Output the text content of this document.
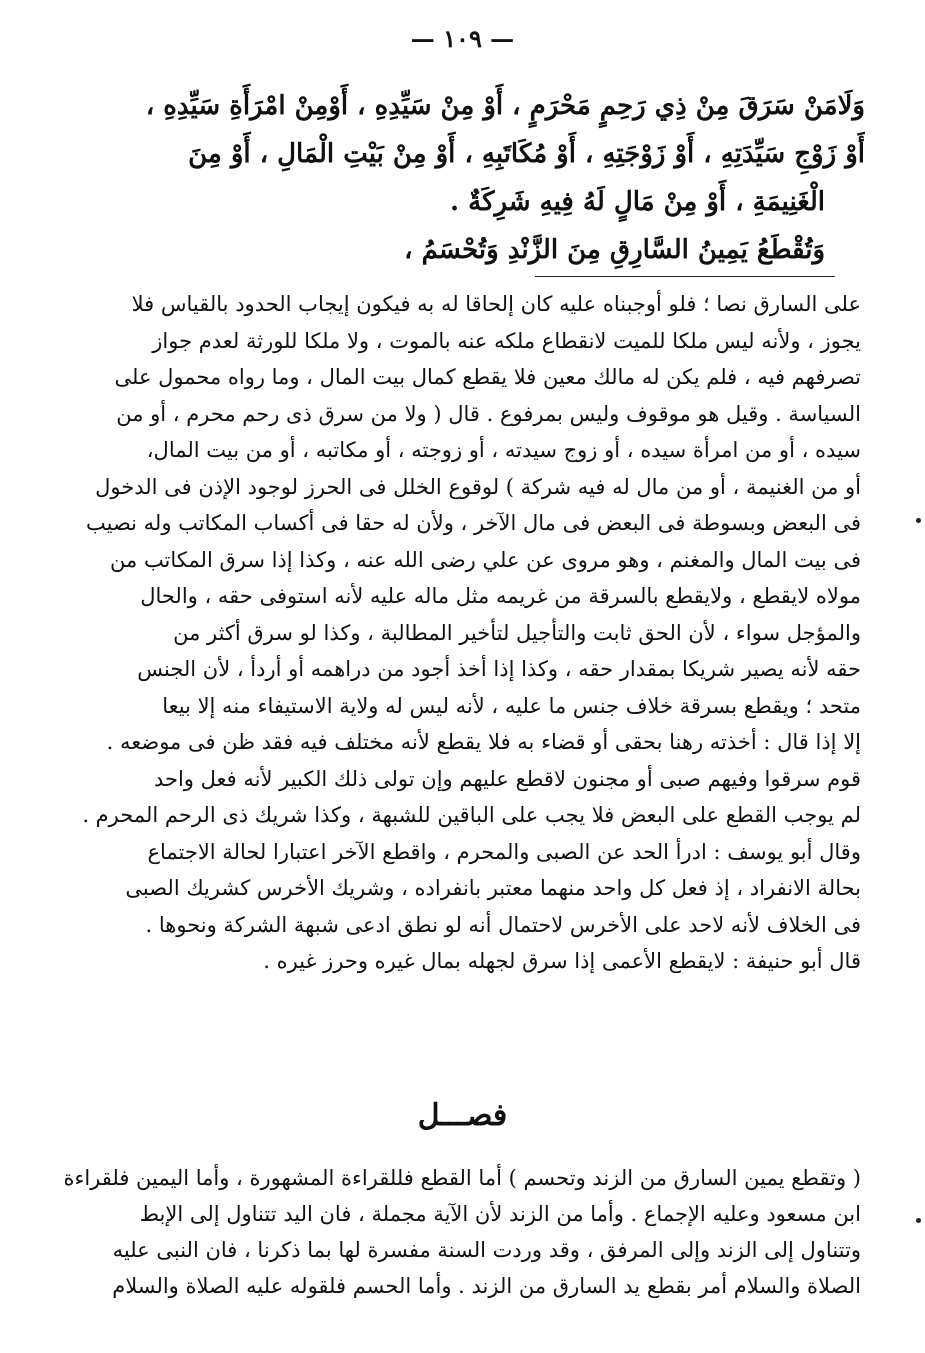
— ١٠٩ —
وَلَامَنْ سَرَقَ مِنْ ذِي رَحِمٍ مَحْرَمٍ ، أَوْ مِنْ سَيِّدِهِ ، أَوْمِنْ امْرَأَةِ سَيِّدِهِ ،
أَوْ زَوْجِ سَيِّدَتِهِ ، أَوْ زَوْجَتِهِ ، أَوْ مُكَاتَبِهِ ، أَوْ مِنْ بَيْتِ الْمَالِ ، أَوْ مِنَ
الْغَنِيمَةِ ، أَوْ مِنْ مَالٍ لَهُ فِيهِ شَرِكَةٌ .
وَتُقْطَعُ يَمِينُ السَّارِقِ مِنَ الزَّنْدِ وَتُحْسَمُ ،
على السارق نصا ؛ فلو أوجبناه عليه كان إلحاقا له به فيكون إيجاب الحدود بالقياس فلا
يجوز ، ولأنه ليس ملكا للميت لانقطاع ملكه عنه بالموت ، ولا ملكا للورثة لعدم جواز
تصرفهم فيه ، فلم يكن له مالك معين فلا يقطع كمال بيت المال ، وما رواه محمول على
السياسة . وقيل هو موقوف وليس بمرفوع . قال ( ولا من سرق ذى رحم محرم ، أو من
سيده ، أو من امرأة سيده ، أو زوج سيدته ، أو زوجته ، أو مكاتبه ، أو من بيت المال،
أو من الغنيمة ، أو من مال له فيه شركة ) لوقوع الخلل فى الحرز لوجود الإذن فى الدخول
فى البعض وبسوطة فى البعض فى مال الآخر ، ولأن له حقا فى أكساب المكاتب وله نصيب
فى بيت المال والمغنم ، وهو مروى عن علي رضى الله عنه ، وكذا إذا سرق المكاتب من
مولاه لايقطع ، ولايقطع بالسرقة من غريمه مثل ماله عليه لأنه استوفى حقه ، والحال
والمؤجل سواء ، لأن الحق ثابت والتأجيل لتأخير المطالبة ، وكذا لو سرق أكثر من
حقه لأنه يصير شريكا بمقدار حقه ، وكذا إذا أخذ أجود من دراهمه أو أردأ ، لأن الجنس
متحد ؛ ويقطع بسرقة خلاف جنس ما عليه ، لأنه ليس له ولاية الاستيفاء منه إلا بيعا
إلا إذا قال : أخذته رهنا بحقى أو قضاء به فلا يقطع لأنه مختلف فيه فقد ظن فى موضعه .
قوم سرقوا وفيهم صبى أو مجنون لاقطع عليهم وإن تولى ذلك الكبير لأنه فعل واحد
لم يوجب القطع على البعض فلا يجب على الباقين للشبهة ، وكذا شريك ذى الرحم المحرم .
وقال أبو يوسف : ادرأ الحد عن الصبى والمحرم ، واقطع الآخر اعتبارا لحالة الاجتماع
بحالة الانفراد ، إذ فعل كل واحد منهما معتبر بانفراده ، وشريك الأخرس كشريك الصبى
فى الخلاف لأنه لاحد على الأخرس لاحتمال أنه لو نطق ادعى شبهة الشركة ونحوها .
قال أبو حنيفة : لايقطع الأعمى إذا سرق لجهله بمال غيره وحرز غيره .
فصـــل
( وتقطع يمين السارق من الزند وتحسم ) أما القطع فللقراءة المشهورة ، وأما اليمين فلقراءة
ابن مسعود وعليه الإجماع . وأما من الزند لأن الآية مجملة ، فان اليد تتناول إلى الإبط
وتتناول إلى الزند وإلى المرفق ، وقد وردت السنة مفسرة لها بما ذكرنا ، فان النبى عليه
الصلاة والسلام أمر بقطع يد السارق من الزند . وأما الحسم فلقوله عليه الصلاة والسلام
